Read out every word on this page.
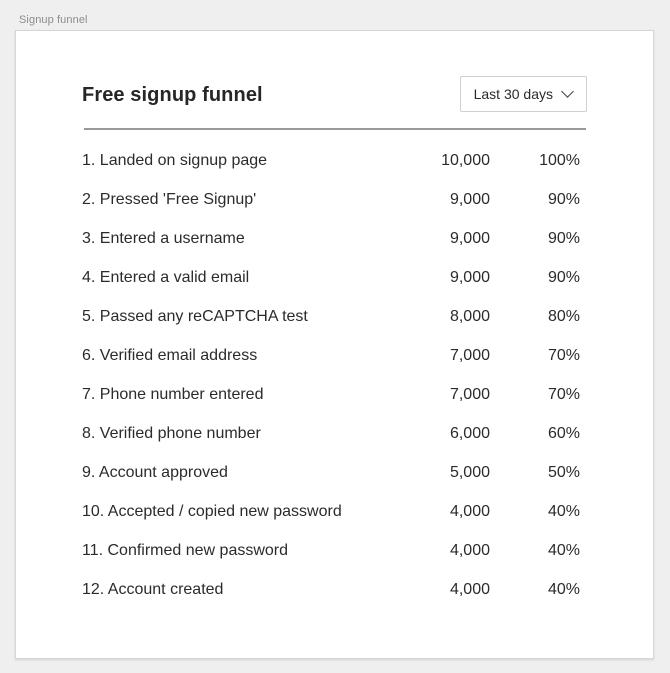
Signup funnel
Free signup funnel	Last 30 days
1. Landed on signup page	10,000	100%
2. Pressed 'Free Signup'	9,000	90%
3. Entered a username	9,000	90%
4. Entered a valid email	9,000	90%
5. Passed any reCAPTCHA test	8,000	80%
6. Verified email address	7,000	70%
7. Phone number entered	7,000	70%
8. Verified phone number	6,000	60%
9. Account approved	5,000	50%
10. Accepted / copied new password	4,000	40%
11. Confirmed new password	4,000	40%
12. Account created	4,000	40%
